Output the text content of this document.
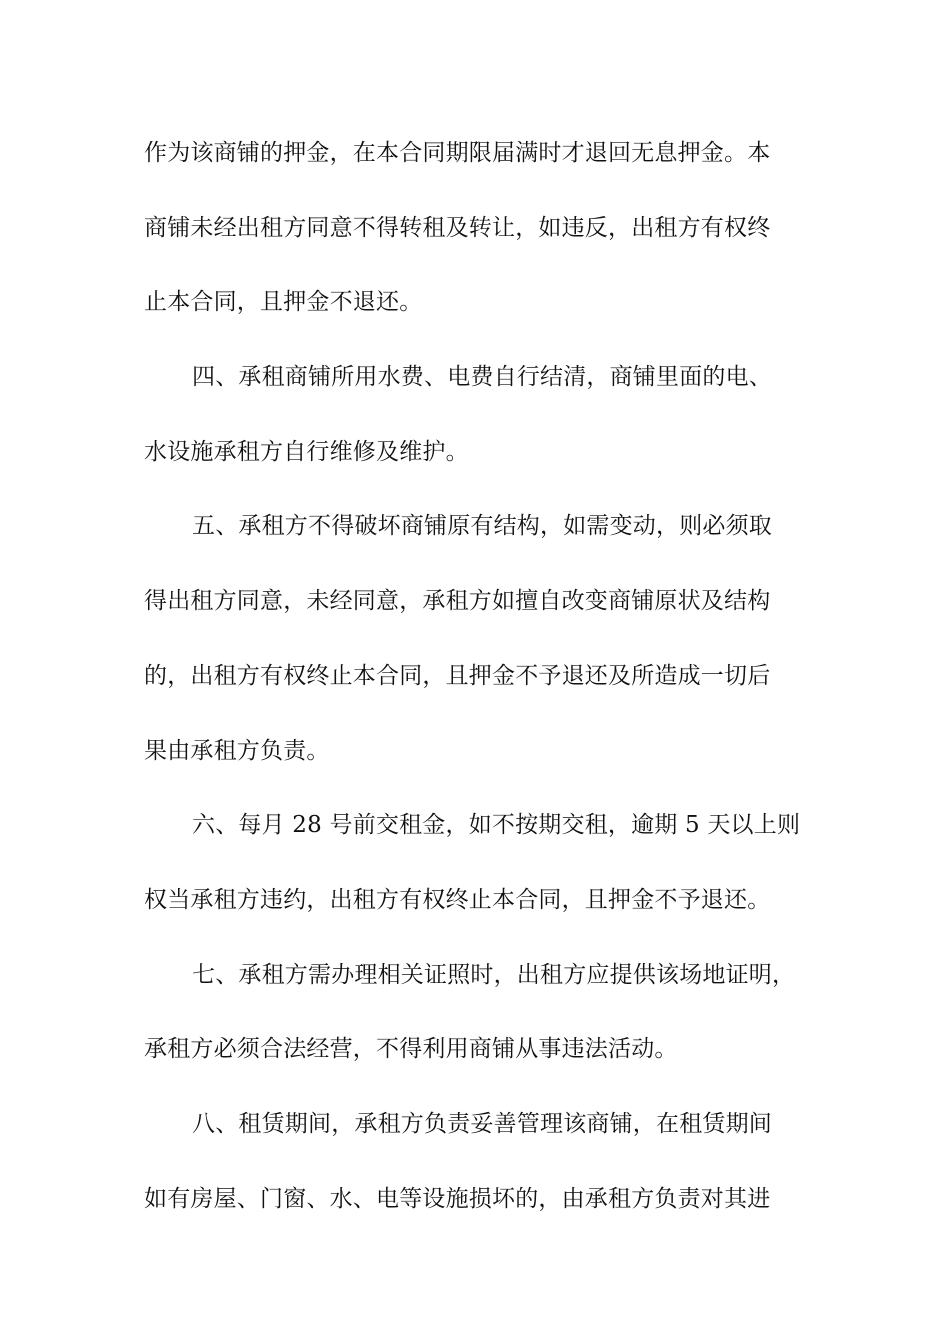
作为该商铺的押金，在本合同期限届满时才退回无息押金。本
商铺未经出租方同意不得转租及转让，如违反，出租方有权终
止本合同，且押金不退还。
四、承租商铺所用水费、电费自行结清，商铺里面的电、
水设施承租方自行维修及维护。
五、承租方不得破坏商铺原有结构，如需变动，则必须取
得出租方同意，未经同意，承租方如擅自改变商铺原状及结构
的，出租方有权终止本合同，且押金不予退还及所造成一切后
果由承租方负责。
六、每月 28 号前交租金，如不按期交租，逾期 5 天以上则
权当承租方违约，出租方有权终止本合同，且押金不予退还。
七、承租方需办理相关证照时，出租方应提供该场地证明，
承租方必须合法经营，不得利用商铺从事违法活动。
八、租赁期间，承租方负责妥善管理该商铺，在租赁期间
如有房屋、门窗、水、电等设施损坏的，由承租方负责对其进
